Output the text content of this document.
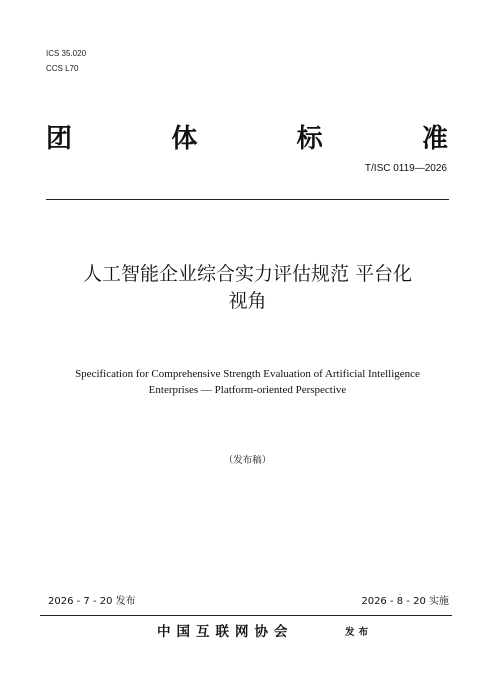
ICS 35.020
CCS L70
团	体	标	准
T/ISC 0119—2026
人工智能企业综合实力评估规范 平台化
视角
Specification for Comprehensive Strength Evaluation of Artificial Intelligence
Enterprises — Platform-oriented Perspective
（发布稿）
2026 - 7 - 20 发布	2026 - 8 - 20 实施
中国互联网协会	发布
